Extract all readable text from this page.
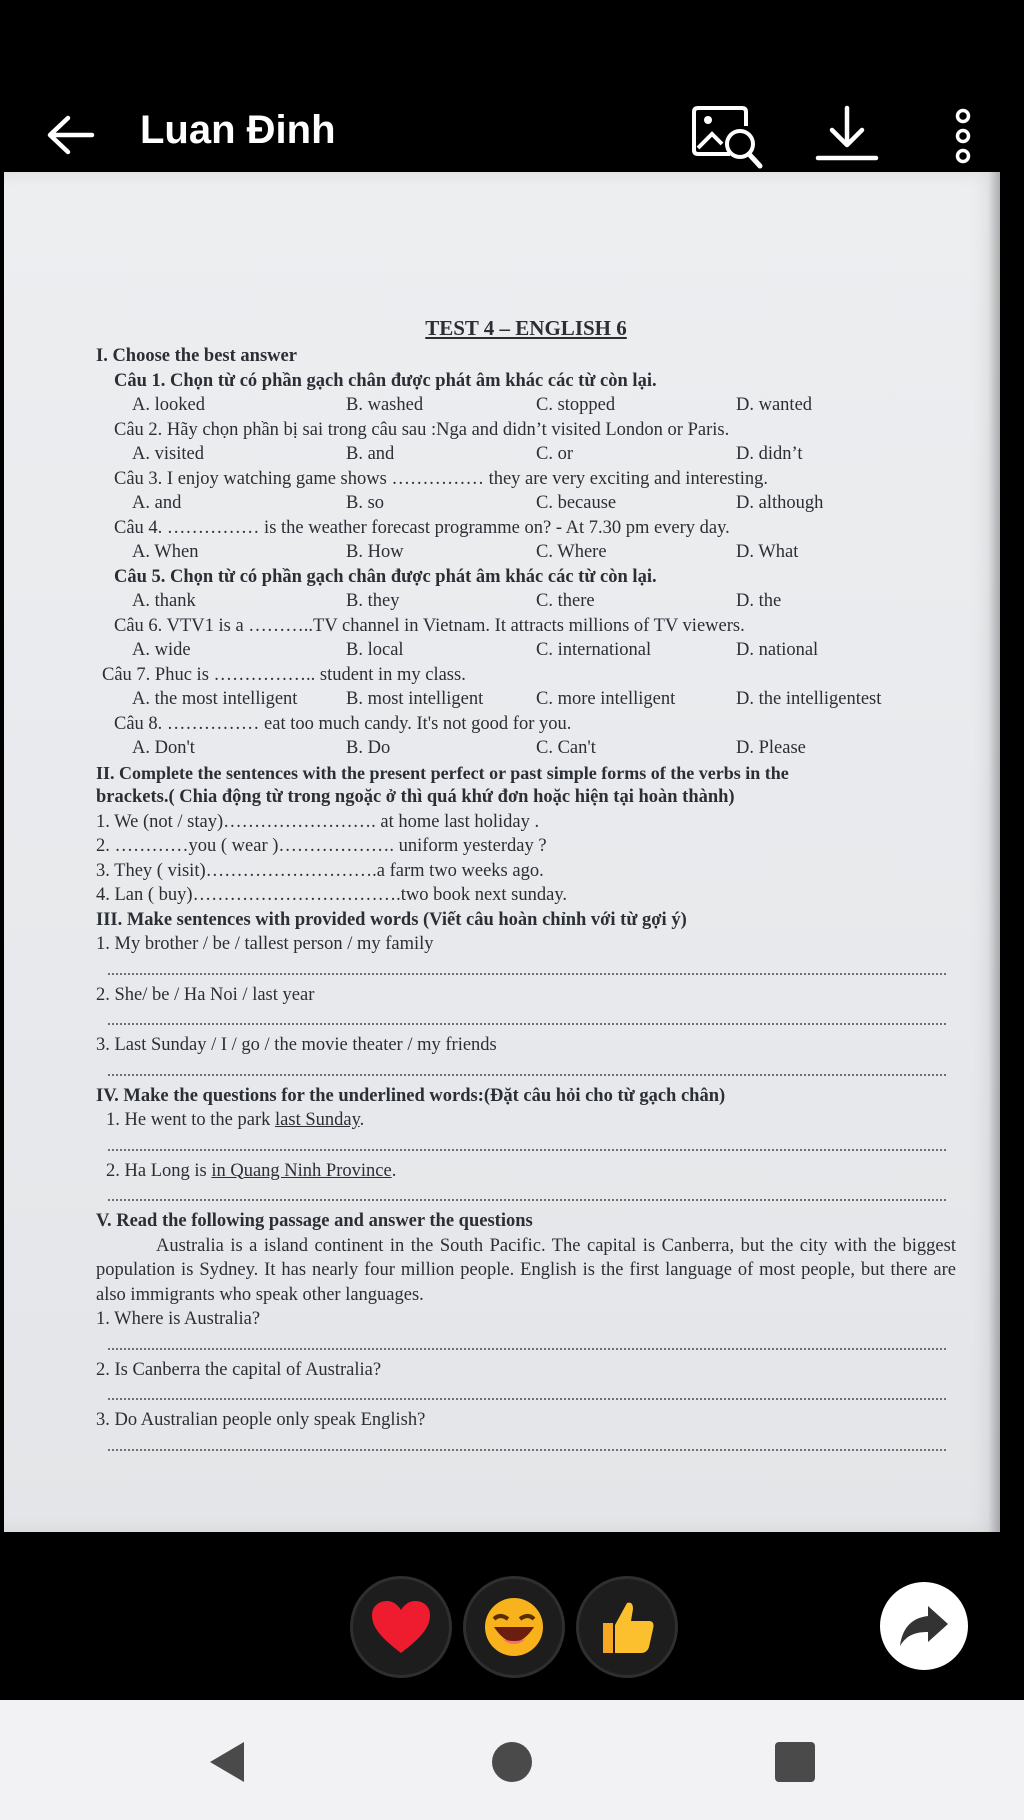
Luan Đinh
TEST 4 – ENGLISH 6
I. Choose the best answer
Câu 1. Chọn từ có phần gạch chân được phát âm khác các từ còn lại.
A. looked	B. washed	C. stopped	D. wanted
Câu 2. Hãy chọn phần bị sai trong câu sau :Nga and didn’t visited London or Paris.
A. visited	B. and	C. or	D. didn’t
Câu 3. I enjoy watching game shows …………… they are very exciting and interesting.
A. and	B. so	C. because	D. although
Câu 4. …………… is the weather forecast programme on? - At 7.30 pm every day.
A. When	B. How	C. Where	D. What
Câu 5. Chọn từ có phần gạch chân được phát âm khác các từ còn lại.
A. thank	B. they	C. there	D. the
Câu 6. VTV1 is a ………..TV channel in Vietnam. It attracts millions of TV viewers.
A. wide	B. local	C. international	D. national
Câu 7. Phuc is …………….. student in my class.
A. the most intelligent	B. most intelligent	C. more intelligent	D. the intelligentest
Câu 8. …………… eat too much candy. It's not good for you.
A. Don't	B. Do	C. Can't	D. Please
II. Complete the sentences with the present perfect or past simple forms of the verbs in the
brackets.( Chia động từ trong ngoặc ở thì quá khứ đơn hoặc hiện tại hoàn thành)
1. We (not / stay)……………………. at home last holiday .
2. …………you ( wear )………………. uniform yesterday ?
3. They ( visit)……………………….a farm two weeks ago.
4. Lan ( buy)…………………………….two book next sunday.
III. Make sentences with provided words (Viết câu hoàn chỉnh với từ gợi ý)
1. My brother / be / tallest person / my family
2. She/ be / Ha Noi / last year
3. Last Sunday / I / go / the movie theater / my friends
IV. Make the questions for the underlined words:(Đặt câu hỏi cho từ gạch chân)
1. He went to the park last Sunday.
2. Ha Long is in Quang Ninh Province.
V. Read the following passage and answer the questions
Australia is a island continent in the South Pacific. The capital is Canberra, but the city with the biggest population is Sydney. It has nearly four million people. English is the first language of most people, but there are also immigrants who speak other languages.
1. Where is Australia?
2. Is Canberra the capital of Australia?
3. Do Australian people only speak English?
